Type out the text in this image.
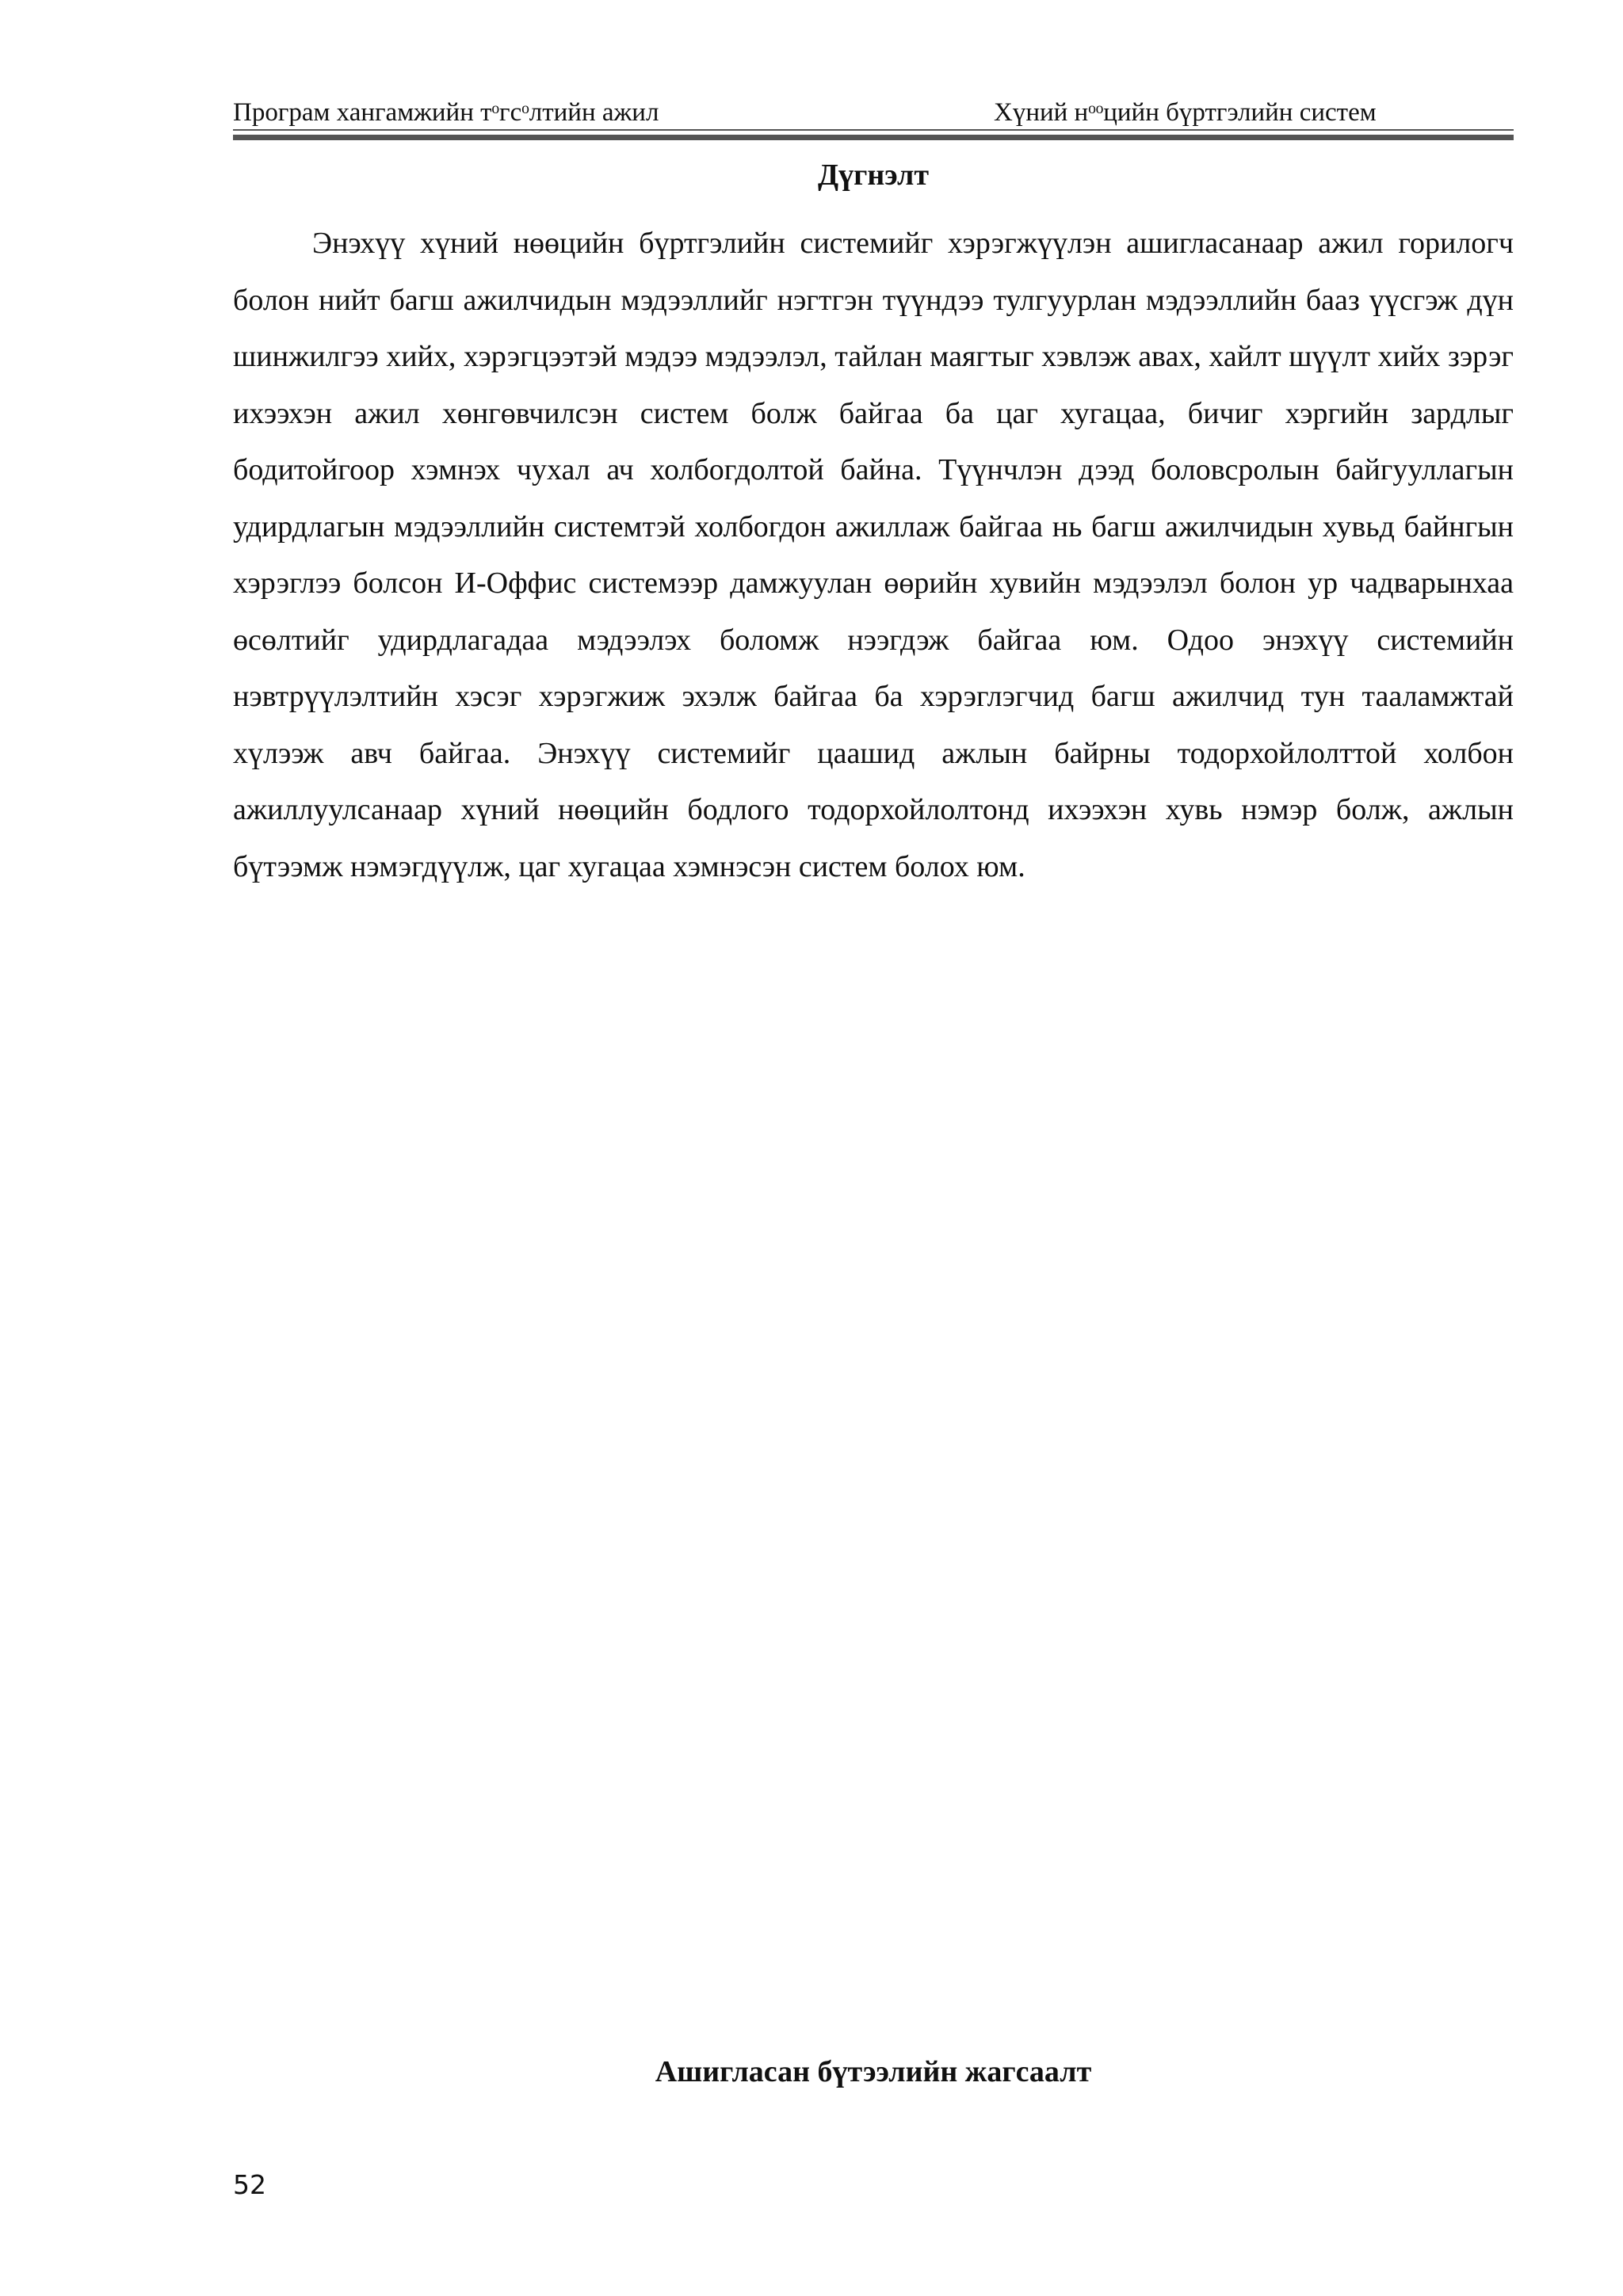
Програм хангамжийн тᵒгсᵒлтийн ажил	Хүний нᵒᵒцийн бүртгэлийн систем
Дүгнэлт

Энэхүү хүний нөөцийн бүртгэлийн системийг хэрэгжүүлэн ашигласанаар ажил горилогч болон нийт багш ажилчидын мэдээллийг нэгтгэн түүндээ тулгуурлан мэдээллийн бааз үүсгэж дүн шинжилгээ хийх, хэрэгцээтэй мэдээ мэдээлэл, тайлан маягтыг хэвлэж авах, хайлт шүүлт хийх зэрэг ихээхэн ажил хөнгөвчилсэн систем болж байгаа ба цаг хугацаа, бичиг хэргийн зардлыг бодитойгоор хэмнэх чухал ач холбогдолтой байна. Түүнчлэн дээд боловсролын байгууллагын удирдлагын мэдээллийн системтэй холбогдон ажиллаж байгаа нь багш ажилчидын хувьд байнгын хэрэглээ болсон И-Оффис системээр дамжуулан өөрийн хувийн мэдээлэл болон ур чадварынхаа өсөлтийг удирдлагадаа мэдээлэх боломж нээгдэж байгаа юм. Одоо энэхүү системийн нэвтрүүлэлтийн хэсэг хэрэгжиж эхэлж байгаа ба хэрэглэгчид багш ажилчид тун тааламжтай хүлээж авч байгаа. Энэхүү системийг цаашид ажлын байрны тодорхойлолттой холбон ажиллуулсанаар хүний нөөцийн бодлого тодорхойлолтонд ихээхэн хувь нэмэр болж, ажлын бүтээмж нэмэгдүүлж, цаг хугацаа хэмнэсэн систем болох юм.

Ашигласан бүтээлийн жагсаалт
52
